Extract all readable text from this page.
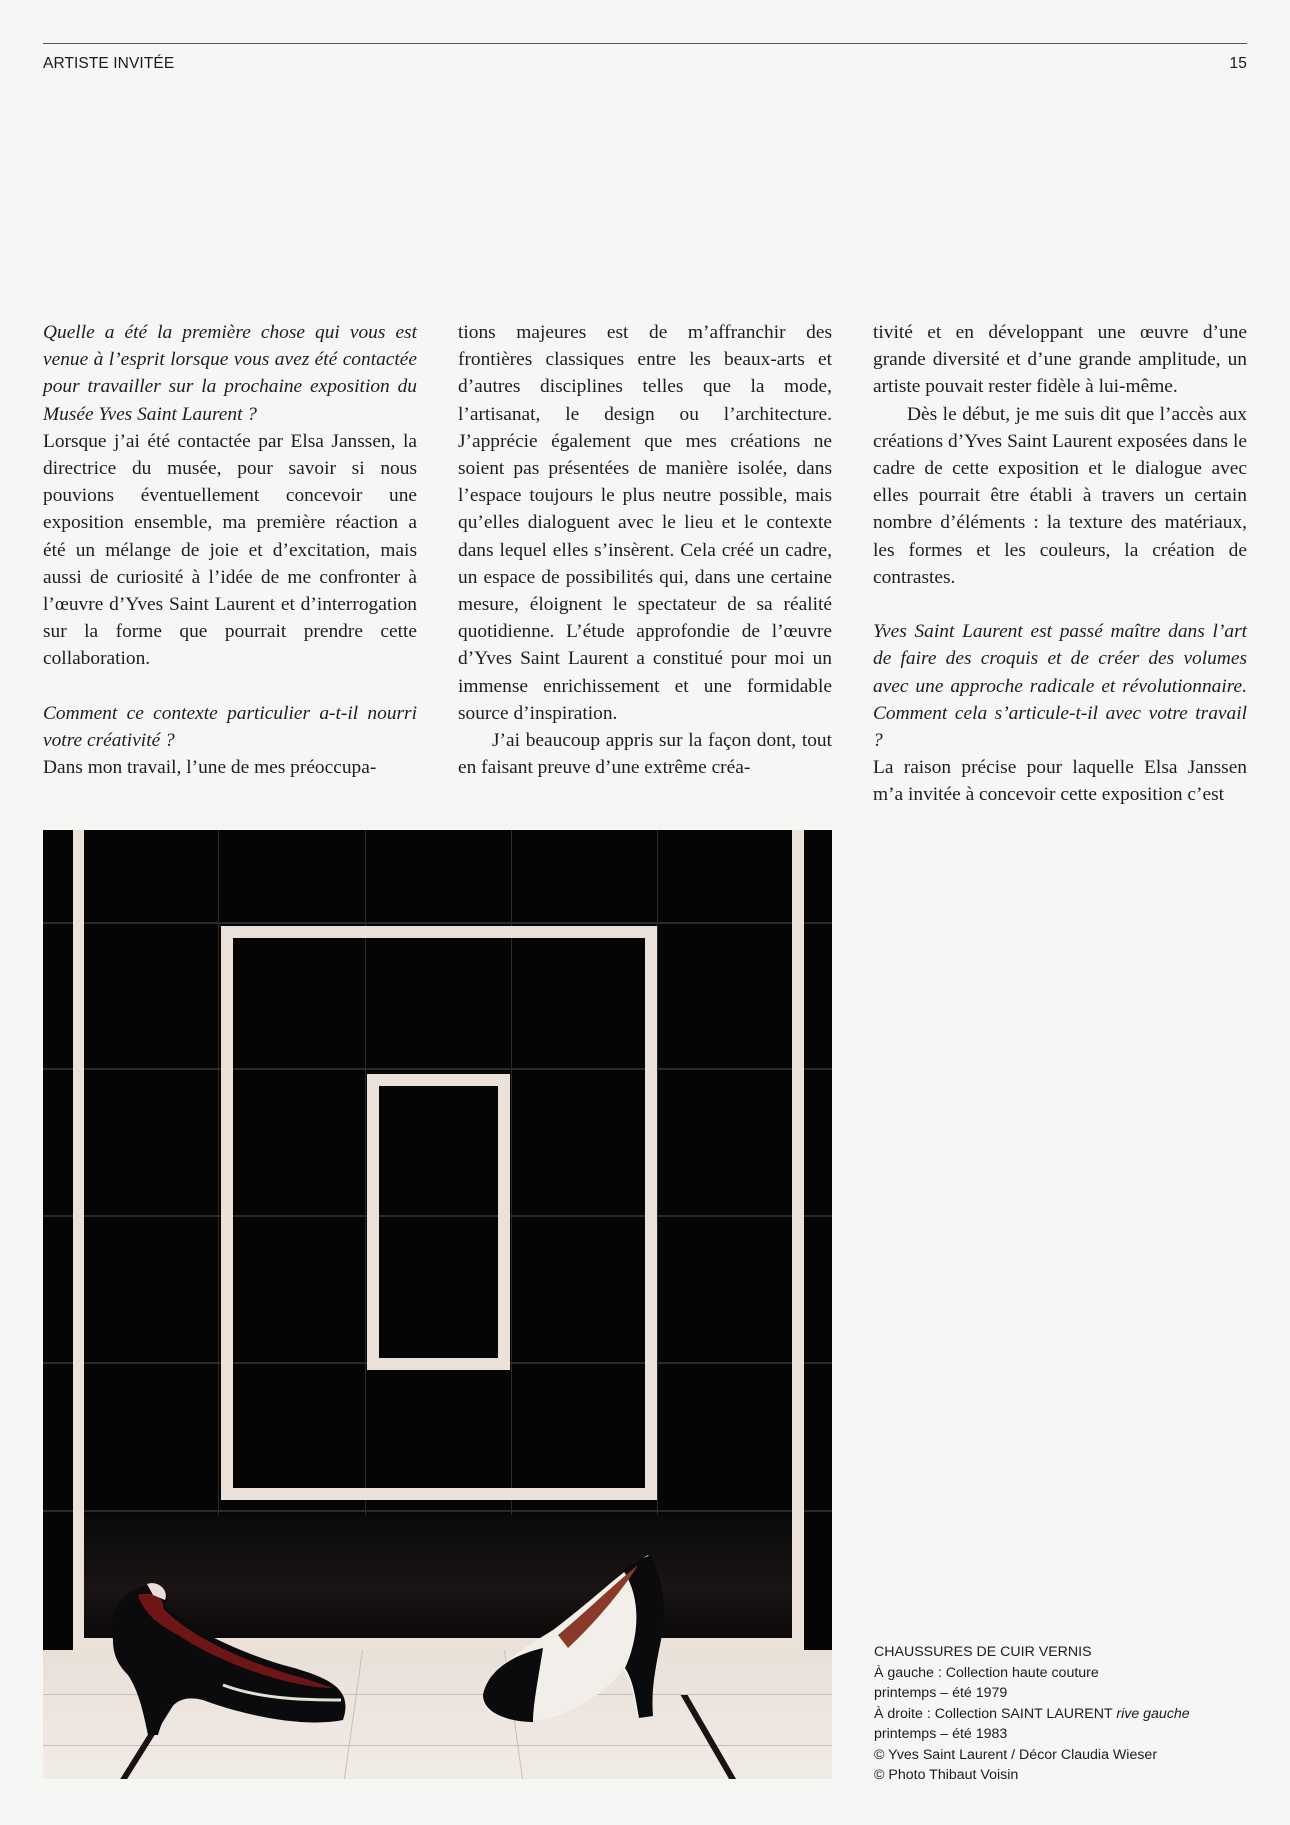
ARTISTE INVITÉE	15

Quelle a été la première chose qui vous est venue à l’esprit lorsque vous avez été contactée pour travailler sur la prochaine exposition du Musée Yves Saint Laurent ?

Lorsque j’ai été contactée par Elsa Janssen, la directrice du musée, pour savoir si nous pouvions éventuellement concevoir une exposition ensemble, ma première réaction a été un mélange de joie et d’excitation, mais aussi de curiosité à l’idée de me confronter à l’œuvre d’Yves Saint Laurent et d’interrogation sur la forme que pourrait prendre cette collaboration.

Comment ce contexte particulier a-t-il nourri votre créativité ?

Dans mon travail, l’une de mes préoccupa-

tions majeures est de m’affranchir des frontières classiques entre les beaux-arts et d’autres disciplines telles que la mode, l’artisanat, le design ou l’architecture. J’apprécie également que mes créations ne soient pas présentées de manière isolée, dans l’espace toujours le plus neutre possible, mais qu’elles dialoguent avec le lieu et le contexte dans lequel elles s’insèrent. Cela créé un cadre, un espace de possibilités qui, dans une certaine mesure, éloignent le spectateur de sa réalité quotidienne. L’étude approfondie de l’œuvre d’Yves Saint Laurent a constitué pour moi un immense enrichissement et une formidable source d’inspiration.

J’ai beaucoup appris sur la façon dont, tout en faisant preuve d’une extrême créa-

tivité et en développant une œuvre d’une grande diversité et d’une grande amplitude, un artiste pouvait rester fidèle à lui-même.

Dès le début, je me suis dit que l’accès aux créations d’Yves Saint Laurent exposées dans le cadre de cette exposition et le dialogue avec elles pourrait être établi à travers un certain nombre d’éléments : la texture des matériaux, les formes et les couleurs, la création de contrastes.

Yves Saint Laurent est passé maître dans l’art de faire des croquis et de créer des volumes avec une approche radicale et révolutionnaire. Comment cela s’articule-t-il avec votre travail ?

La raison précise pour laquelle Elsa Janssen m’a invitée à concevoir cette exposition c’est

CHAUSSURES DE CUIR VERNIS
À gauche : Collection haute couture
printemps – été 1979
À droite : Collection SAINT LAURENT rive gauche
printemps – été 1983
© Yves Saint Laurent / Décor Claudia Wieser
© Photo Thibaut Voisin
